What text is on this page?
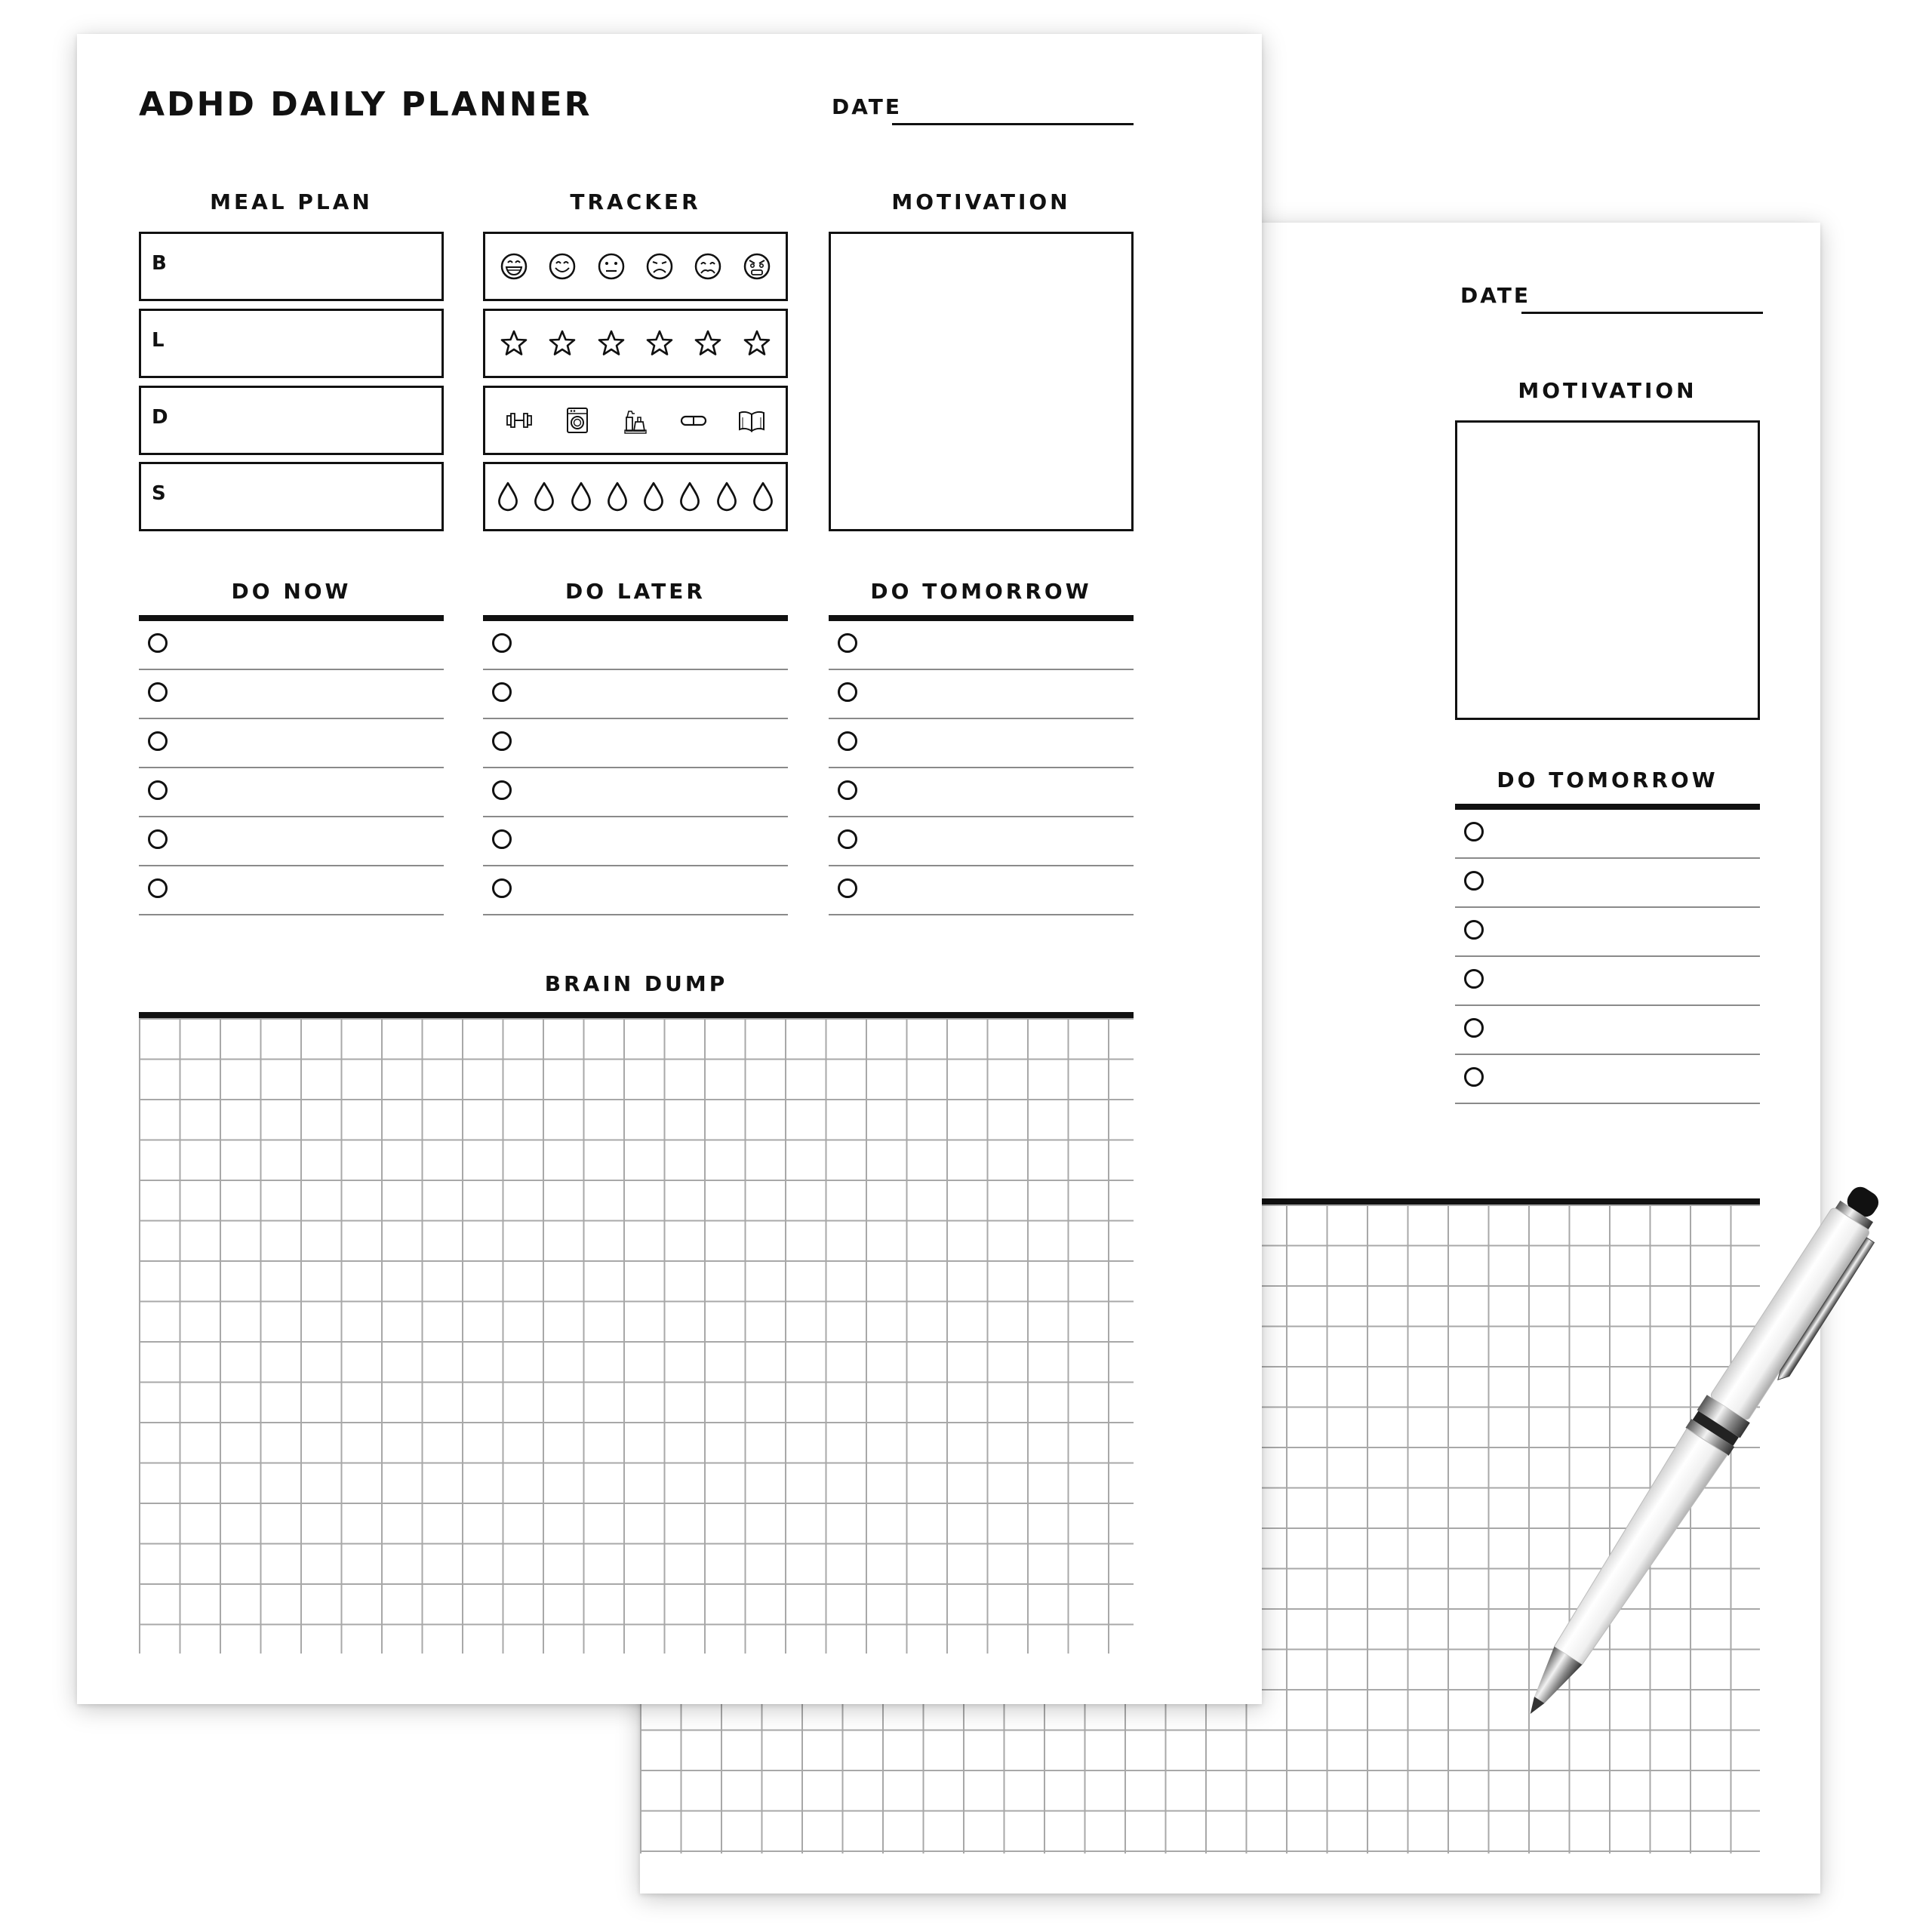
DATE
MOTIVATION
DO TOMORROW
ADHD DAILY PLANNER	DATE
MEAL PLAN	TRACKER	MOTIVATION
B
L
D
S
DO NOW	DO LATER	DO TOMORROW
BRAIN DUMP
